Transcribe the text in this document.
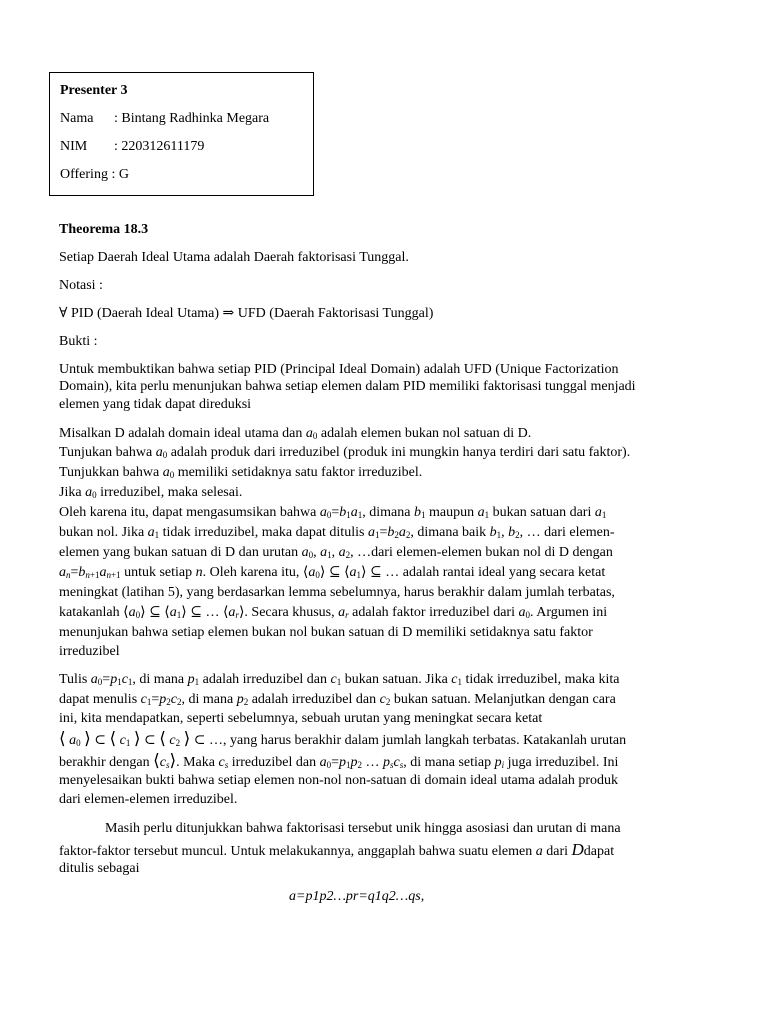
Presenter 3
Nama : Bintang Radhinka Megara
NIM : 220312611179
Offering : G
Theorema 18.3
Setiap Daerah Ideal Utama adalah Daerah faktorisasi Tunggal.
Notasi :
∀ PID (Daerah Ideal Utama) ⇒ UFD (Daerah Faktorisasi Tunggal)
Bukti :
Untuk membuktikan bahwa setiap PID (Principal Ideal Domain) adalah UFD (Unique Factorization
Domain), kita perlu menunjukan bahwa setiap elemen dalam PID memiliki faktorisasi tunggal menjadi
elemen yang tidak dapat direduksi
Misalkan D adalah domain ideal utama dan $a_0$ adalah elemen bukan nol satuan di D.
Tunjukan bahwa $a_0$ adalah produk dari irreduzibel (produk ini mungkin hanya terdiri dari satu faktor).
Tunjukkan bahwa $a_0$ memiliki setidaknya satu faktor irreduzibel.
Jika $a_0$ irreduzibel, maka selesai.
Oleh karena itu, dapat mengasumsikan bahwa $a_0=b_1a_1$, dimana $b_1$ maupun $a_1$ bukan satuan dari $a_1$
bukan nol. Jika $a_1$ tidak irreduzibel, maka dapat ditulis $a_1=b_2a_2$, dimana baik $b_1$, $b_2$, … dari elemen-
elemen yang bukan satuan di D dan urutan $a_0$, $a_1$, $a_2$, …dari elemen-elemen bukan nol di D dengan
$a_n=b_{n+1}a_{n+1}$ untuk setiap n. Oleh karena itu, $⟨a_0⟩$ ⊆ $⟨a_1⟩$ ⊆ … adalah rantai ideal yang secara ketat
meningkat (latihan 5), yang berdasarkan lemma sebelumnya, harus berakhir dalam jumlah terbatas,
katakanlah $⟨a_0⟩$ ⊆ $⟨a_1⟩$ ⊆ … $⟨a_r⟩$. Secara khusus, $a_r$ adalah faktor irreduzibel dari $a_0$. Argumen ini
menunjukan bahwa setiap elemen bukan nol bukan satuan di D memiliki setidaknya satu faktor
irreduzibel
Tulis $a_0=p_1c_1$, di mana $p_1$ adalah irreduzibel dan $c_1$ bukan satuan. Jika $c_1$ tidak irreduzibel, maka kita
dapat menulis $c_1=p_2c_2$, di mana $p_2$ adalah irreduzibel dan $c_2$ bukan satuan. Melanjutkan dengan cara
ini, kita mendapatkan, seperti sebelumnya, sebuah urutan yang meningkat secara ketat
⟨ $a_0$ ⟩ ⊂ ⟨ $c_1$ ⟩ ⊂ ⟨ $c_2$ ⟩ ⊂ …, yang harus berakhir dalam jumlah langkah terbatas. Katakanlah urutan
berakhir dengan $⟨c_s⟩$. Maka $c_s$ irreduzibel dan $a_0=p_1p_2$ … $p_sc_s$, di mana setiap $p_i$ juga irreduzibel. Ini
menyelesaikan bukti bahwa setiap elemen non-nol non-satuan di domain ideal utama adalah produk
dari elemen-elemen irreduzibel.
Masih perlu ditunjukkan bahwa faktorisasi tersebut unik hingga asosiasi dan urutan di mana
faktor-faktor tersebut muncul. Untuk melakukannya, anggaplah bahwa suatu elemen a dari Ddapat
ditulis sebagai
a=p1p2…pr=q1q2…qs,
